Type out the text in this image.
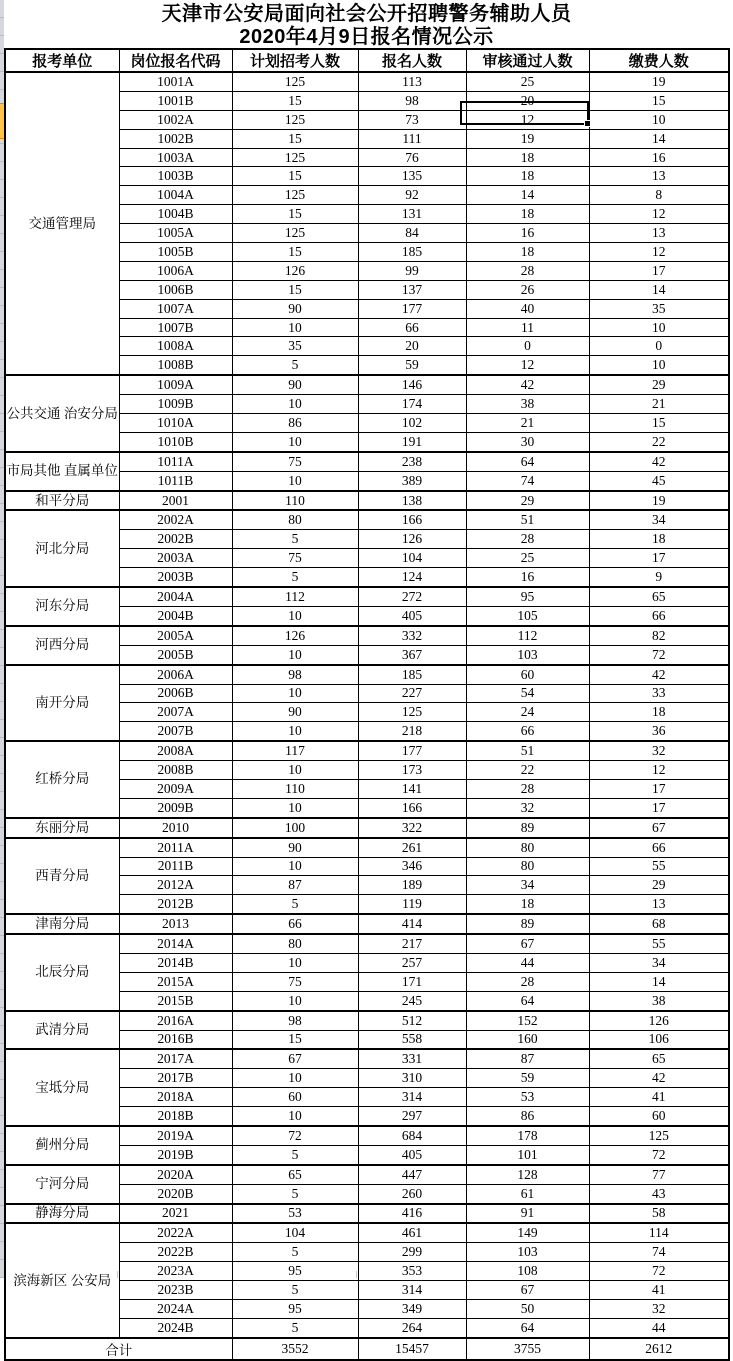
天津市公安局面向社会公开招聘警务辅助人员
2020年4月9日报名情况公示
报考单位	岗位报名代码	计划招考人数	报名人数	审核通过人数	缴费人数
交通管理局	1001A	125	113	25	19
	1001B	15	98	20	15
	1002A	125	73	12	10
	1002B	15	111	19	14
	1003A	125	76	18	16
	1003B	15	135	18	13
	1004A	125	92	14	8
	1004B	15	131	18	12
	1005A	125	84	16	13
	1005B	15	185	18	12
	1006A	126	99	28	17
	1006B	15	137	26	14
	1007A	90	177	40	35
	1007B	10	66	11	10
	1008A	35	20	0	0
	1008B	5	59	12	10
公共交通 治安分局	1009A	90	146	42	29
	1009B	10	174	38	21
	1010A	86	102	21	15
	1010B	10	191	30	22
市局其他 直属单位	1011A	75	238	64	42
	1011B	10	389	74	45
和平分局	2001	110	138	29	19
河北分局	2002A	80	166	51	34
	2002B	5	126	28	18
	2003A	75	104	25	17
	2003B	5	124	16	9
河东分局	2004A	112	272	95	65
	2004B	10	405	105	66
河西分局	2005A	126	332	112	82
	2005B	10	367	103	72
南开分局	2006A	98	185	60	42
	2006B	10	227	54	33
	2007A	90	125	24	18
	2007B	10	218	66	36
红桥分局	2008A	117	177	51	32
	2008B	10	173	22	12
	2009A	110	141	28	17
	2009B	10	166	32	17
东丽分局	2010	100	322	89	67
西青分局	2011A	90	261	80	66
	2011B	10	346	80	55
	2012A	87	189	34	29
	2012B	5	119	18	13
津南分局	2013	66	414	89	68
北辰分局	2014A	80	217	67	55
	2014B	10	257	44	34
	2015A	75	171	28	14
	2015B	10	245	64	38
武清分局	2016A	98	512	152	126
	2016B	15	558	160	106
宝坻分局	2017A	67	331	87	65
	2017B	10	310	59	42
	2018A	60	314	53	41
	2018B	10	297	86	60
蓟州分局	2019A	72	684	178	125
	2019B	5	405	101	72
宁河分局	2020A	65	447	128	77
	2020B	5	260	61	43
静海分局	2021	53	416	91	58
滨海新区 公安局	2022A	104	461	149	114
	2022B	5	299	103	74
	2023A	95	353	108	72
	2023B	5	314	67	41
	2024A	95	349	50	32
	2024B	5	264	64	44
合计		3552	15457	3755	2612
